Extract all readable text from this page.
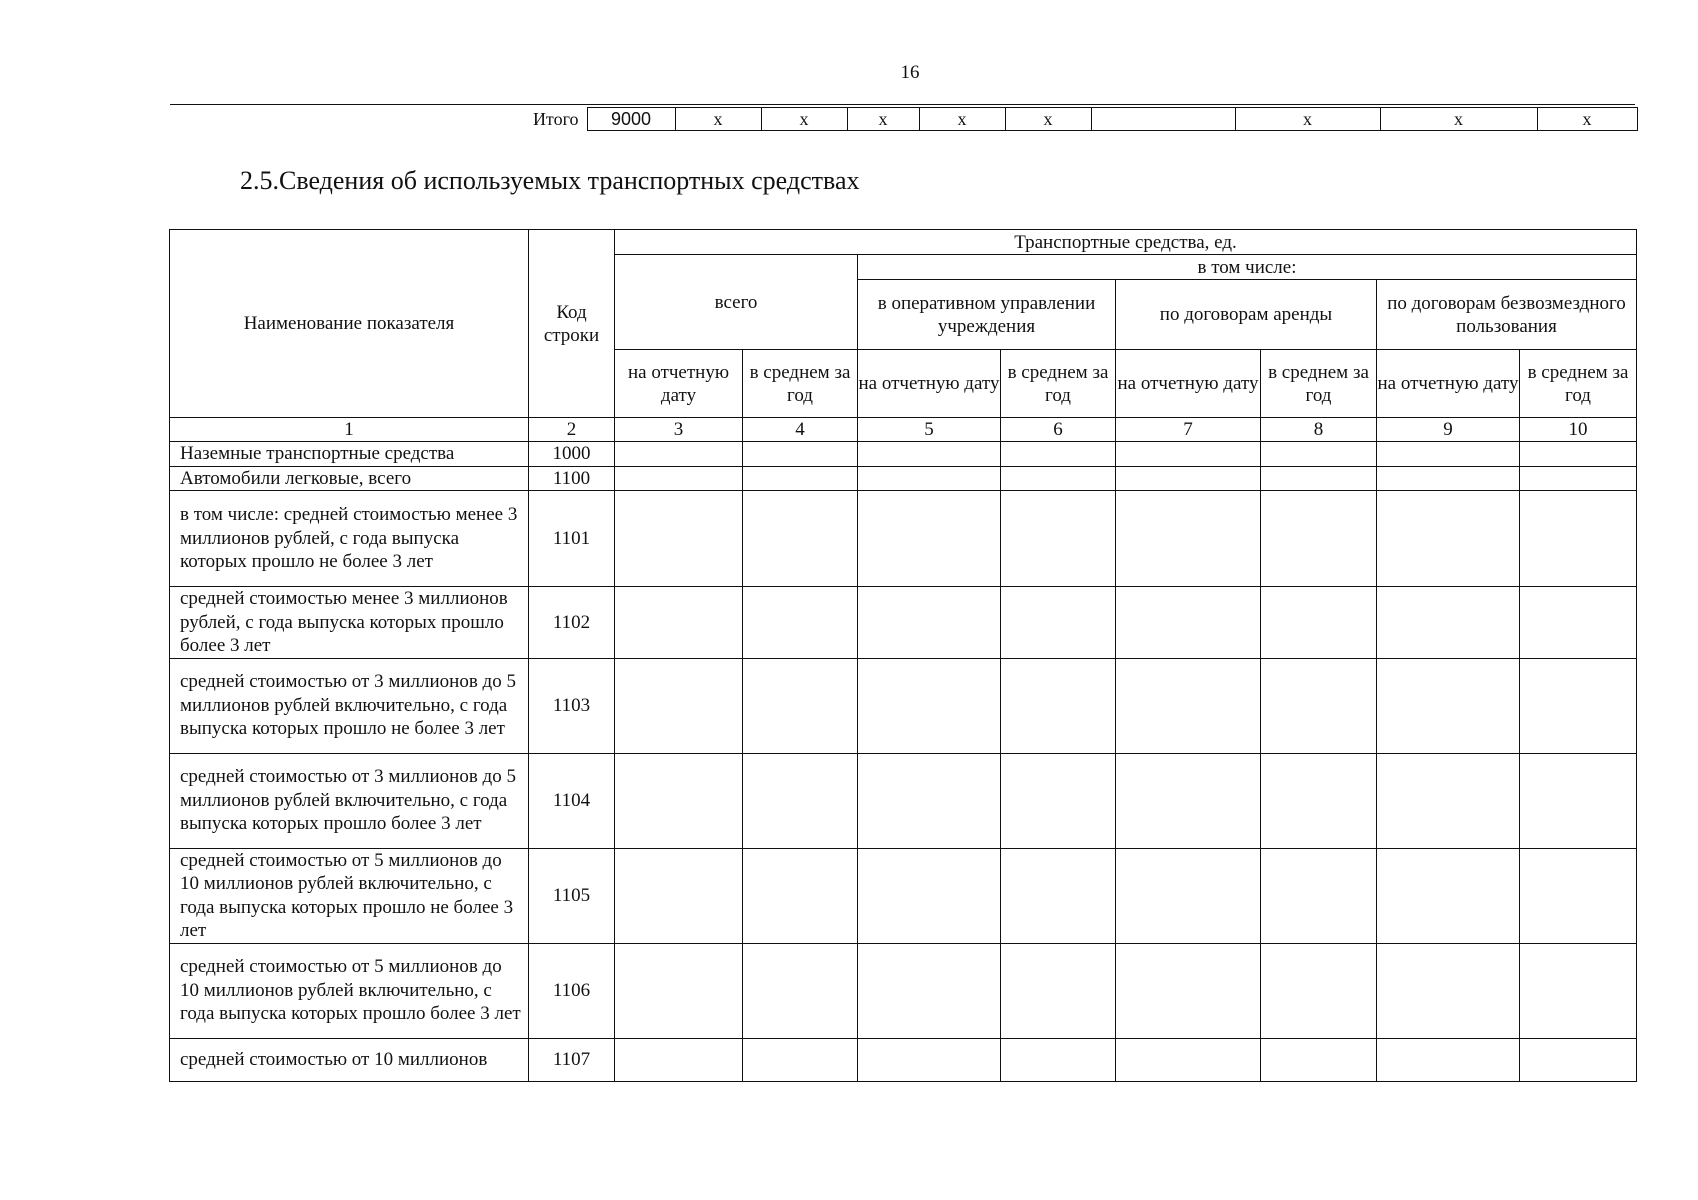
16
Итого	9000	х	х	х	х	х		х	х	х
2.5.Сведения об используемых транспортных средствах
Наименование показателя	Код строки	Транспортные средства, ед.							
		всего		в том числе:					
				в оперативном управлении учреждения		по договорам аренды		по договорам безвозмездного пользования	
		на отчетную дату	в среднем за год	на отчетную дату	в среднем за год	на отчетную дату	в среднем за год	на отчетную дату	в среднем за год
1	2	3	4	5	6	7	8	9	10
Наземные транспортные средства	1000								
Автомобили легковые, всего	1100								
в том числе: средней стоимостью менее 3 миллионов рублей, с года выпуска которых прошло не более 3 лет	1101								
средней стоимостью менее 3 миллионов рублей, с года выпуска которых прошло более 3 лет	1102								
средней стоимостью от 3 миллионов до 5 миллионов рублей включительно, с года выпуска которых прошло не более 3 лет	1103								
средней стоимостью от 3 миллионов до 5 миллионов рублей включительно, с года выпуска которых прошло более 3 лет	1104								
средней стоимостью от 5 миллионов до 10 миллионов рублей включительно, с года выпуска которых прошло не более 3 лет	1105								
средней стоимостью от 5 миллионов до 10 миллионов рублей включительно, с года выпуска которых прошло более 3 лет	1106								
средней стоимостью от 10 миллионов	1107								
